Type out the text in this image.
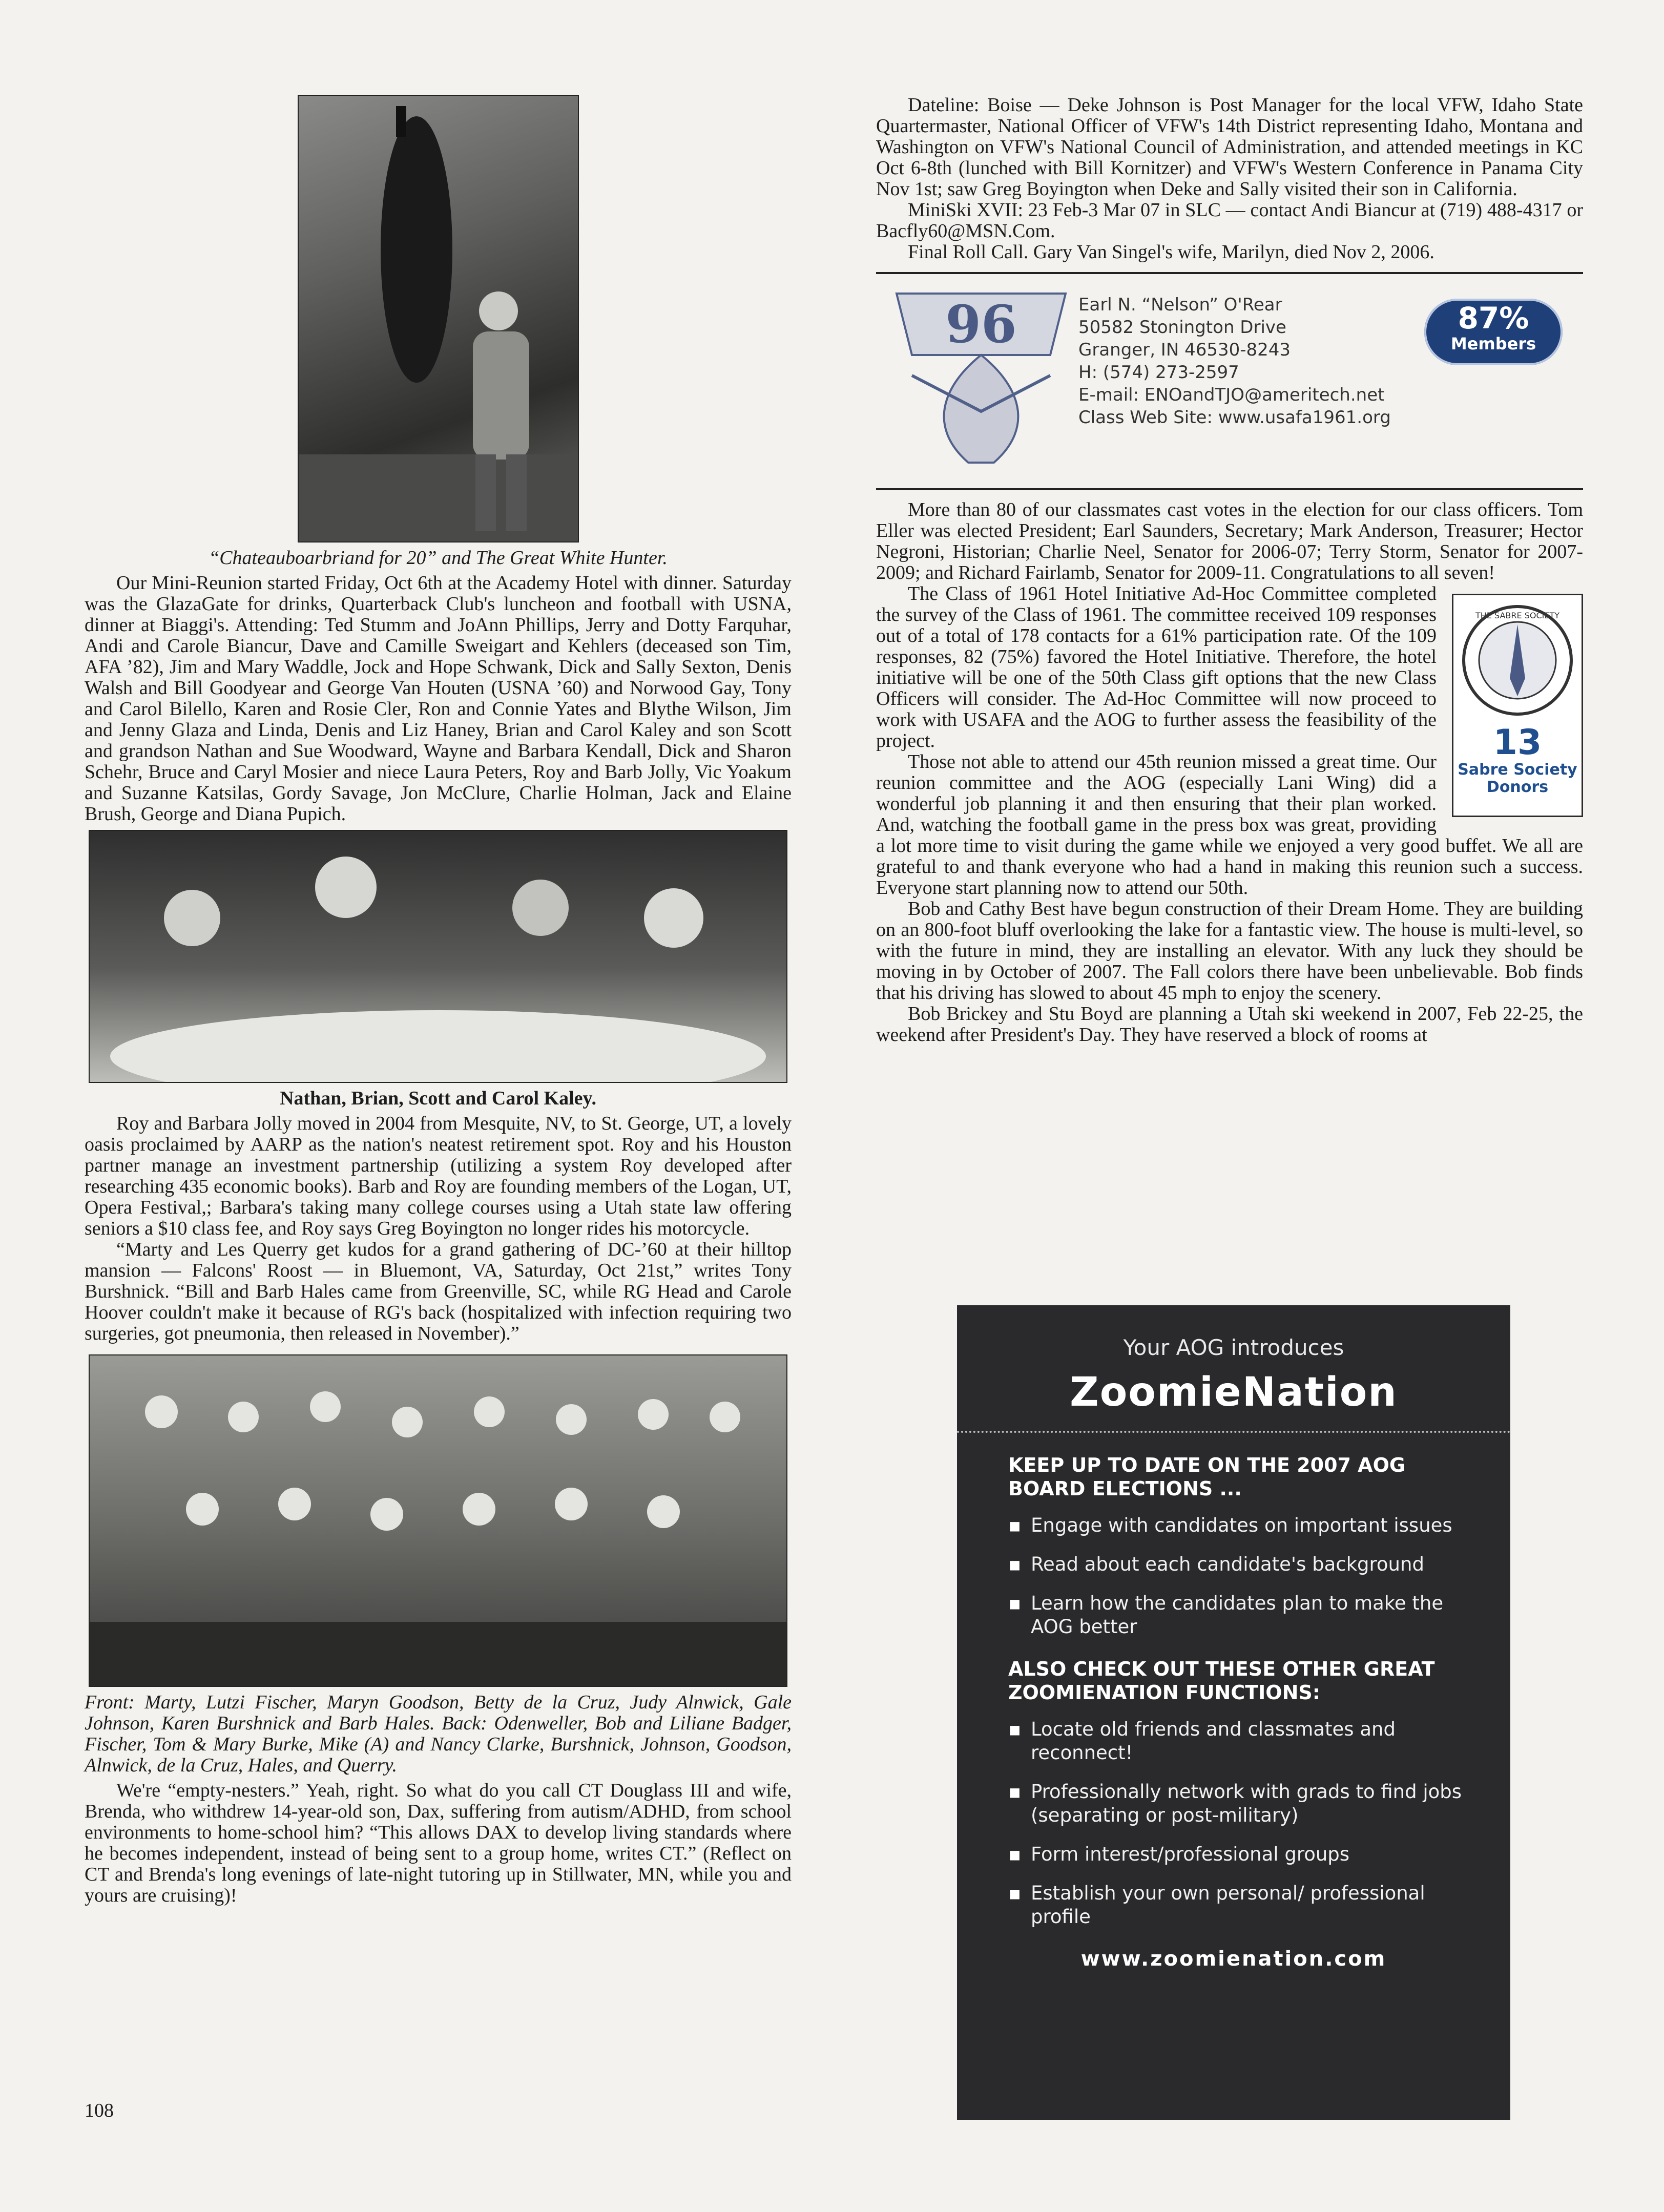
“Chateauboarbriand for 20” and The Great White Hunter.

Our Mini-Reunion started Friday, Oct 6th at the Academy Hotel with dinner. Saturday was the GlazaGate for drinks, Quarterback Club's luncheon and football with USNA, dinner at Biaggi's. Attending: Ted Stumm and JoAnn Phillips, Jerry and Dotty Farquhar, Andi and Carole Biancur, Dave and Camille Sweigart and Kehlers (deceased son Tim, AFA ’82), Jim and Mary Waddle, Jock and Hope Schwank, Dick and Sally Sexton, Denis Walsh and Bill Goodyear and George Van Houten (USNA ’60) and Norwood Gay, Tony and Carol Bilello, Karen and Rosie Cler, Ron and Connie Yates and Blythe Wilson, Jim and Jenny Glaza and Linda, Denis and Liz Haney, Brian and Carol Kaley and son Scott and grandson Nathan and Sue Woodward, Wayne and Barbara Kendall, Dick and Sharon Schehr, Bruce and Caryl Mosier and niece Laura Peters, Roy and Barb Jolly, Vic Yoakum and Suzanne Katsilas, Gordy Savage, Jon McClure, Charlie Holman, Jack and Elaine Brush, George and Diana Pupich.

Nathan, Brian, Scott and Carol Kaley.

Roy and Barbara Jolly moved in 2004 from Mesquite, NV, to St. George, UT, a lovely oasis proclaimed by AARP as the nation's neatest retirement spot. Roy and his Houston partner manage an investment partnership (utilizing a system Roy developed after researching 435 economic books). Barb and Roy are founding members of the Logan, UT, Opera Festival,; Barbara's taking many college courses using a Utah state law offering seniors a $10 class fee, and Roy says Greg Boyington no longer rides his motorcycle.

“Marty and Les Querry get kudos for a grand gathering of DC-’60 at their hilltop mansion — Falcons' Roost — in Bluemont, VA, Saturday, Oct 21st,” writes Tony Burshnick. “Bill and Barb Hales came from Greenville, SC, while RG Head and Carole Hoover couldn't make it because of RG's back (hospitalized with infection requiring two surgeries, got pneumonia, then released in November).”

Front: Marty, Lutzi Fischer, Maryn Goodson, Betty de la Cruz, Judy Alnwick, Gale Johnson, Karen Burshnick and Barb Hales. Back: Odenweller, Bob and Liliane Badger, Fischer, Tom & Mary Burke, Mike (A) and Nancy Clarke, Burshnick, Johnson, Goodson, Alnwick, de la Cruz, Hales, and Querry.

We're “empty-nesters.” Yeah, right. So what do you call CT Douglass III and wife, Brenda, who withdrew 14-year-old son, Dax, suffering from autism/ADHD, from school environments to home-school him? “This allows DAX to develop living standards where he becomes independent, instead of being sent to a group home, writes CT.” (Reflect on CT and Brenda's long evenings of late-night tutoring up in Stillwater, MN, while you and yours are cruising)!

Dateline: Boise — Deke Johnson is Post Manager for the local VFW, Idaho State Quartermaster, National Officer of VFW's 14th District representing Idaho, Montana and Washington on VFW's National Council of Administration, and attended meetings in KC Oct 6-8th (lunched with Bill Kornitzer) and VFW's Western Conference in Panama City Nov 1st; saw Greg Boyington when Deke and Sally visited their son in California.

MiniSki XVII: 23 Feb-3 Mar 07 in SLC — contact Andi Biancur at (719) 488-4317 or Bacfly60@MSN.Com.

Final Roll Call. Gary Van Singel's wife, Marilyn, died Nov 2, 2006.

96	Earl N. “Nelson” O'Rear
50582 Stonington Drive
Granger, IN 46530-8243
H: (574) 273-2597
E-mail: ENOandTJO@ameritech.net
Class Web Site: www.usafa1961.org
87%
Members

More than 80 of our classmates cast votes in the election for our class officers. Tom Eller was elected President; Earl Saunders, Secretary; Mark Anderson, Treasurer; Hector Negroni, Historian; Charlie Neel, Senator for 2006-07; Terry Storm, Senator for 2007-2009; and Richard Fairlamb, Senator for 2009-11. Congratulations to all seven!

THE SABRE SOCIETY
13
Sabre Society
Donors

The Class of 1961 Hotel Initiative Ad-Hoc Committee completed the survey of the Class of 1961. The committee received 109 responses out of a total of 178 contacts for a 61% participation rate. Of the 109 responses, 82 (75%) favored the Hotel Initiative. Therefore, the hotel initiative will be one of the 50th Class gift options that the new Class Officers will consider. The Ad-Hoc Committee will now proceed to work with USAFA and the AOG to further assess the feasibility of the project.

Those not able to attend our 45th reunion missed a great time. Our reunion committee and the AOG (especially Lani Wing) did a wonderful job planning it and then ensuring that their plan worked. And, watching the football game in the press box was great, providing a lot more time to visit during the game while we enjoyed a very good buffet. We all are grateful to and thank everyone who had a hand in making this reunion such a success. Everyone start planning now to attend our 50th.

Bob and Cathy Best have begun construction of their Dream Home. They are building on an 800-foot bluff overlooking the lake for a fantastic view. The house is multi-level, so with the future in mind, they are installing an elevator. With any luck they should be moving in by October of 2007. The Fall colors there have been unbelievable. Bob finds that his driving has slowed to about 45 mph to enjoy the scenery.

Bob Brickey and Stu Boyd are planning a Utah ski weekend in 2007, Feb 22-25, the weekend after President's Day. They have reserved a block of rooms at

Your AOG introduces
ZoomieNation
KEEP UP TO DATE ON THE 2007 AOG BOARD ELECTIONS ...
▪ Engage with candidates on important issues
▪ Read about each candidate's background
▪ Learn how the candidates plan to make the AOG better
ALSO CHECK OUT THESE OTHER GREAT ZOOMIENATION FUNCTIONS:
▪ Locate old friends and classmates and reconnect!
▪ Professionally network with grads to find jobs (separating or post-military)
▪ Form interest/professional groups
▪ Establish your own personal/ professional profile
www.zoomienation.com
108
